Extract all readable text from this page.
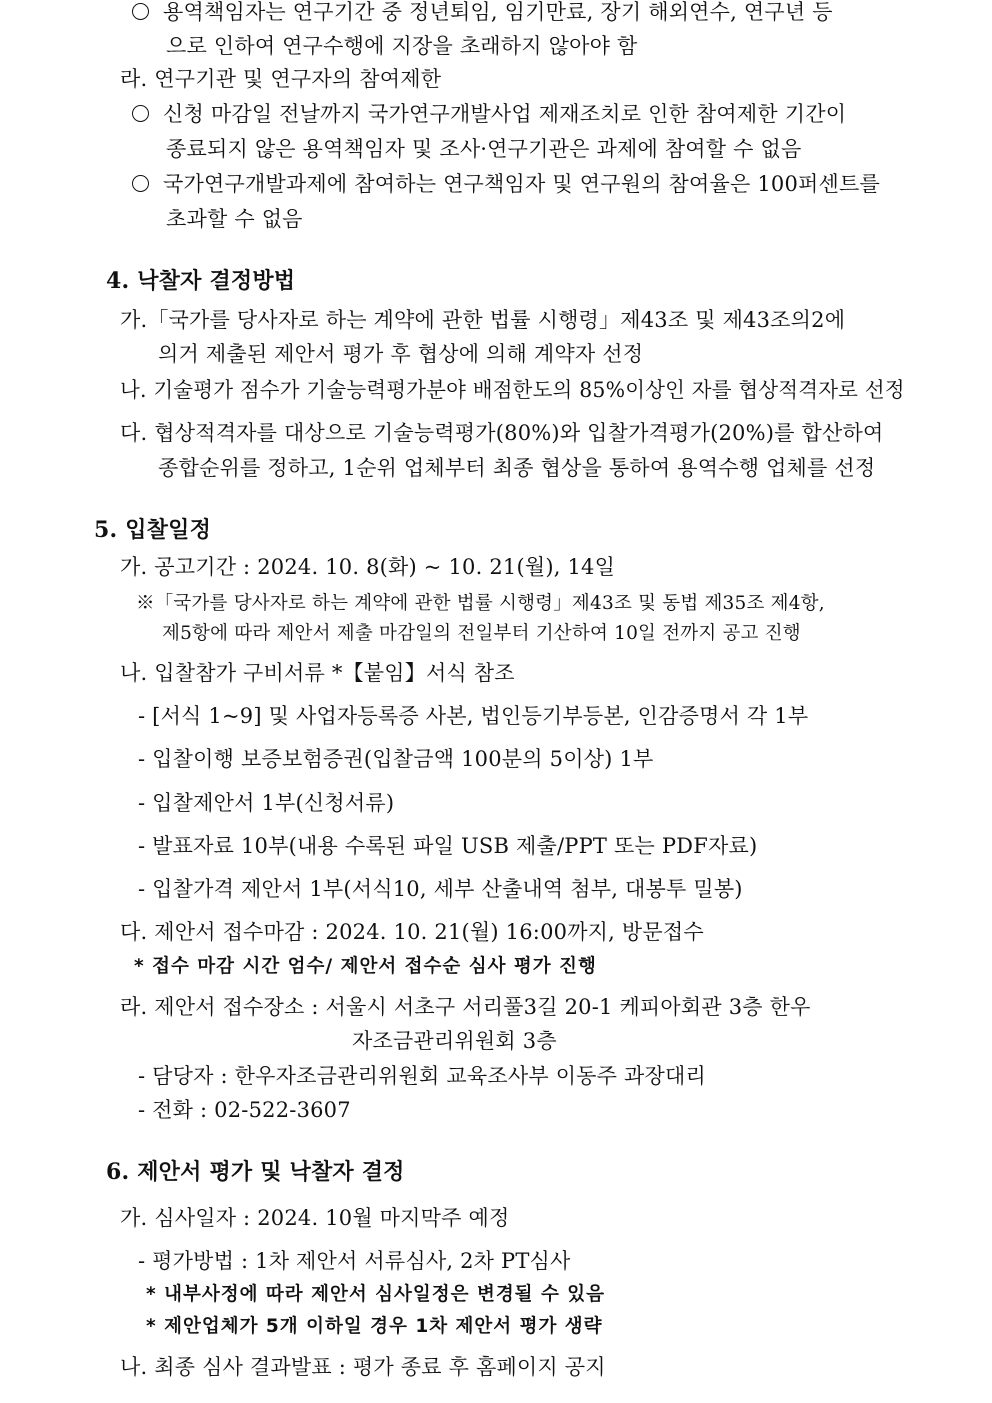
용역책임자는 연구기간 중 정년퇴임, 임기만료, 장기 해외연수, 연구년 등
으로 인하여 연구수행에 지장을 초래하지 않아야 함
라. 연구기관 및 연구자의 참여제한
신청 마감일 전날까지 국가연구개발사업 제재조치로 인한 참여제한 기간이
종료되지 않은 용역책임자 및 조사·연구기관은 과제에 참여할 수 없음
국가연구개발과제에 참여하는 연구책임자 및 연구원의 참여율은 100퍼센트를
초과할 수 없음
4. 낙찰자 결정방법
가.「국가를 당사자로 하는 계약에 관한 법률 시행령」제43조 및 제43조의2에
의거 제출된 제안서 평가 후 협상에 의해 계약자 선정
나. 기술평가 점수가 기술능력평가분야 배점한도의 85%이상인 자를 협상적격자로 선정
다. 협상적격자를 대상으로 기술능력평가(80%)와 입찰가격평가(20%)를 합산하여
종합순위를 정하고, 1순위 업체부터 최종 협상을 통하여 용역수행 업체를 선정
5. 입찰일정
가. 공고기간 : 2024. 10. 8(화) ~ 10. 21(월), 14일
※「국가를 당사자로 하는 계약에 관한 법률 시행령」제43조 및 동법 제35조 제4항,
제5항에 따라 제안서 제출 마감일의 전일부터 기산하여 10일 전까지 공고 진행
나. 입찰참가 구비서류 *【붙임】서식 참조
- [서식 1~9] 및 사업자등록증 사본, 법인등기부등본, 인감증명서 각 1부
- 입찰이행 보증보험증권(입찰금액 100분의 5이상) 1부
- 입찰제안서 1부(신청서류)
- 발표자료 10부(내용 수록된 파일 USB 제출/PPT 또는 PDF자료)
- 입찰가격 제안서 1부(서식10, 세부 산출내역 첨부, 대봉투 밀봉)
다. 제안서 접수마감 : 2024. 10. 21(월) 16:00까지, 방문접수
* 접수 마감 시간 엄수/ 제안서 접수순 심사 평가 진행
라. 제안서 접수장소 : 서울시 서초구 서리풀3길 20-1 케피아회관 3층 한우
자조금관리위원회 3층
- 담당자 : 한우자조금관리위원회 교육조사부 이동주 과장대리
- 전화 : 02-522-3607
6. 제안서 평가 및 낙찰자 결정
가. 심사일자 : 2024. 10월 마지막주 예정
- 평가방법 : 1차 제안서 서류심사, 2차 PT심사
* 내부사정에 따라 제안서 심사일정은 변경될 수 있음
* 제안업체가 5개 이하일 경우 1차 제안서 평가 생략
나. 최종 심사 결과발표 : 평가 종료 후 홈페이지 공지
